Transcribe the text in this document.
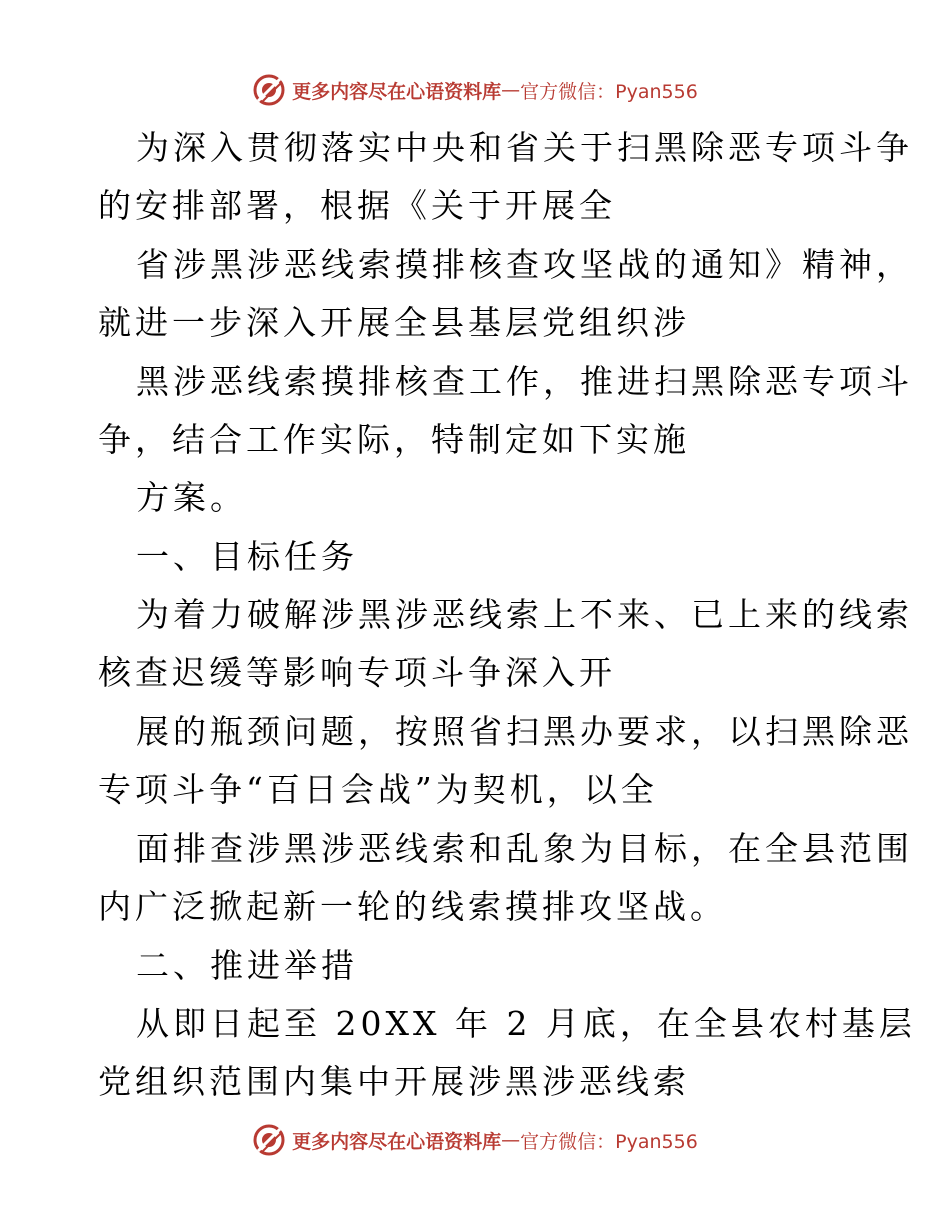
更多内容尽在心语资料库 — 官方微信：Pyan556
为深入贯彻落实中央和省关于扫黑除恶专项斗争
的安排部署，根据《关于开展全
省涉黑涉恶线索摸排核查攻坚战的通知》精神，
就进一步深入开展全县基层党组织涉
黑涉恶线索摸排核查工作，推进扫黑除恶专项斗
争，结合工作实际，特制定如下实施
方案。
一、目标任务
为着力破解涉黑涉恶线索上不来、已上来的线索
核查迟缓等影响专项斗争深入开
展的瓶颈问题，按照省扫黑办要求，以扫黑除恶
专项斗争“百日会战”为契机，以全
面排查涉黑涉恶线索和乱象为目标，在全县范围
内广泛掀起新一轮的线索摸排攻坚战。
二、推进举措
从即日起至 20XX 年 2 月底，在全县农村基层
党组织范围内集中开展涉黑涉恶线索
更多内容尽在心语资料库 — 官方微信：Pyan556
